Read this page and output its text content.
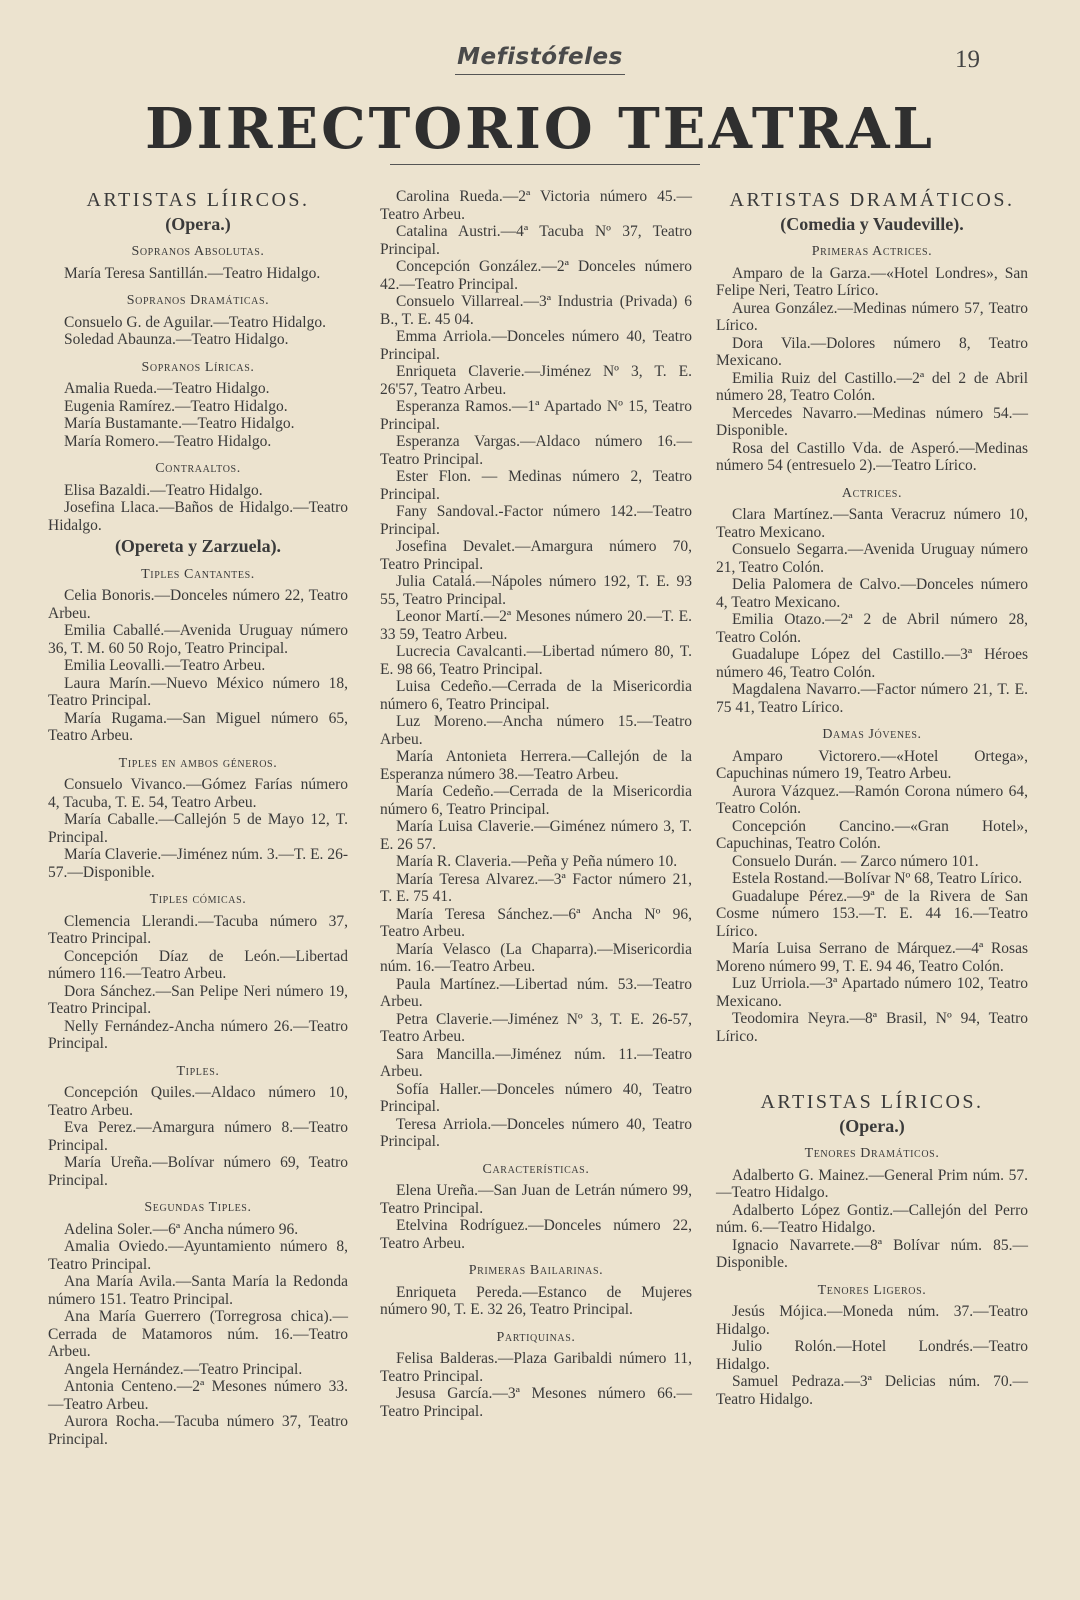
Mefistófeles	19
DIRECTORIO TEATRAL

ARTISTAS LÍIRCOS.

(Opera.)

Sopranos Absolutas.

María Teresa Santillán.—Teatro Hidalgo.

Sopranos Dramáticas.

Consuelo G. de Aguilar.—Teatro Hidalgo.

Soledad Abaunza.—Teatro Hidalgo.

Sopranos Líricas.

Amalia Rueda.—Teatro Hidalgo.

Eugenia Ramírez.—Teatro Hidalgo.

María Bustamante.—Teatro Hidalgo.

María Romero.—Teatro Hidalgo.

Contraaltos.

Elisa Bazaldi.—Teatro Hidalgo.

Josefina Llaca.—Baños de Hidalgo.—Teatro Hidalgo.

(Opereta y Zarzuela).

Tiples Cantantes.

Celia Bonoris.—Donceles número 22, Teatro Arbeu.

Emilia Caballé.—Avenida Uruguay número 36, T. M. 60 50 Rojo, Teatro Principal.

Emilia Leovalli.—Teatro Arbeu.

Laura Marín.—Nuevo México número 18, Teatro Principal.

María Rugama.—San Miguel número 65, Teatro Arbeu.

Tiples en ambos géneros.

Consuelo Vivanco.—Gómez Farías número 4, Tacuba, T. E. 54, Teatro Arbeu.

María Caballe.—Callejón 5 de Mayo 12, T. Principal.

María Claverie.—Jiménez núm. 3.—T. E. 26-57.—Disponible.

Tiples cómicas.

Clemencia Llerandi.—Tacuba número 37, Teatro Principal.

Concepción Díaz de León.—Libertad número 116.—Teatro Arbeu.

Dora Sánchez.—San Pelipe Neri número 19, Teatro Principal.

Nelly Fernández-Ancha número 26.—Teatro Principal.

Tiples.

Concepción Quiles.—Aldaco número 10, Teatro Arbeu.

Eva Perez.—Amargura número 8.—Teatro Principal.

María Ureña.—Bolívar número 69, Teatro Principal.

Segundas Tiples.

Adelina Soler.—6ª Ancha número 96.

Amalia Oviedo.—Ayuntamiento número 8, Teatro Principal.

Ana María Avila.—Santa María la Redonda número 151. Teatro Principal.

Ana María Guerrero (Torregrosa chica).—Cerrada de Matamoros núm. 16.—Teatro Arbeu.

Angela Hernández.—Teatro Principal.

Antonia Centeno.—2ª Mesones número 33.—Teatro Arbeu.

Aurora Rocha.—Tacuba número 37, Teatro Principal.

Carolina Rueda.—2ª Victoria número 45.—Teatro Arbeu.

Catalina Austri.—4ª Tacuba Nº 37, Teatro Principal.

Concepción González.—2ª Donceles número 42.—Teatro Principal.

Consuelo Villarreal.—3ª Industria (Privada) 6 B., T. E. 45 04.

Emma Arriola.—Donceles número 40, Teatro Principal.

Enriqueta Claverie.—Jiménez Nº 3, T. E. 26'57, Teatro Arbeu.

Esperanza Ramos.—1ª Apartado Nº 15, Teatro Principal.

Esperanza Vargas.—Aldaco número 16.—Teatro Principal.

Ester Flon. — Medinas número 2, Teatro Principal.

Fany Sandoval.-Factor número 142.—Teatro Principal.

Josefina Devalet.—Amargura número 70, Teatro Principal.

Julia Catalá.—Nápoles número 192, T. E. 93 55, Teatro Principal.

Leonor Martí.—2ª Mesones número 20.—T. E. 33 59, Teatro Arbeu.

Lucrecia Cavalcanti.—Libertad número 80, T. E. 98 66, Teatro Principal.

Luisa Cedeño.—Cerrada de la Misericordia número 6, Teatro Principal.

Luz Moreno.—Ancha número 15.—Teatro Arbeu.

María Antonieta Herrera.—Callejón de la Esperanza número 38.—Teatro Arbeu.

María Cedeño.—Cerrada de la Misericordia número 6, Teatro Principal.

María Luisa Claverie.—Giménez número 3, T. E. 26 57.

María R. Claveria.—Peña y Peña número 10.

María Teresa Alvarez.—3ª Factor número 21, T. E. 75 41.

María Teresa Sánchez.—6ª Ancha Nº 96, Teatro Arbeu.

María Velasco (La Chaparra).—Misericordia núm. 16.—Teatro Arbeu.

Paula Martínez.—Libertad núm. 53.—Teatro Arbeu.

Petra Claverie.—Jiménez Nº 3, T. E. 26-57, Teatro Arbeu.

Sara Mancilla.—Jiménez núm. 11.—Teatro Arbeu.

Sofía Haller.—Donceles número 40, Teatro Principal.

Teresa Arriola.—Donceles número 40, Teatro Principal.

Características.

Elena Ureña.—San Juan de Letrán número 99, Teatro Principal.

Etelvina Rodríguez.—Donceles número 22, Teatro Arbeu.

Primeras Bailarinas.

Enriqueta Pereda.—Estanco de Mujeres número 90, T. E. 32 26, Teatro Principal.

Partiquinas.

Felisa Balderas.—Plaza Garibaldi número 11, Teatro Principal.

Jesusa García.—3ª Mesones número 66.—Teatro Principal.

ARTISTAS DRAMÁTICOS.

(Comedia y Vaudeville).

Primeras Actrices.

Amparo de la Garza.—«Hotel Londres», San Felipe Neri, Teatro Lírico.

Aurea González.—Medinas número 57, Teatro Lírico.

Dora Vila.—Dolores número 8, Teatro Mexicano.

Emilia Ruiz del Castillo.—2ª del 2 de Abril número 28, Teatro Colón.

Mercedes Navarro.—Medinas número 54.—Disponible.

Rosa del Castillo Vda. de Asperó.—Medinas número 54 (entresuelo 2).—Teatro Lírico.

Actrices.

Clara Martínez.—Santa Veracruz número 10, Teatro Mexicano.

Consuelo Segarra.—Avenida Uruguay número 21, Teatro Colón.

Delia Palomera de Calvo.—Donceles número 4, Teatro Mexicano.

Emilia Otazo.—2ª 2 de Abril número 28, Teatro Colón.

Guadalupe López del Castillo.—3ª Héroes número 46, Teatro Colón.

Magdalena Navarro.—Factor número 21, T. E. 75 41, Teatro Lírico.

Damas Jóvenes.

Amparo Victorero.—«Hotel Ortega», Capuchinas número 19, Teatro Arbeu.

Aurora Vázquez.—Ramón Corona número 64, Teatro Colón.

Concepción Cancino.—«Gran Hotel», Capuchinas, Teatro Colón.

Consuelo Durán. — Zarco número 101.

Estela Rostand.—Bolívar Nº 68, Teatro Lírico.

Guadalupe Pérez.—9ª de la Rivera de San Cosme número 153.—T. E. 44 16.—Teatro Lírico.

María Luisa Serrano de Márquez.—4ª Rosas Moreno número 99, T. E. 94 46, Teatro Colón.

Luz Urriola.—3ª Apartado número 102, Teatro Mexicano.

Teodomira Neyra.—8ª Brasil, Nº 94, Teatro Lírico.

ARTISTAS LÍRICOS.

(Opera.)

Tenores Dramáticos.

Adalberto G. Mainez.—General Prim núm. 57.—Teatro Hidalgo.

Adalberto López Gontiz.—Callejón del Perro núm. 6.—Teatro Hidalgo.

Ignacio Navarrete.—8ª Bolívar núm. 85.—Disponible.

Tenores Ligeros.

Jesús Mójica.—Moneda núm. 37.—Teatro Hidalgo.

Julio Rolón.—Hotel Londrés.—Teatro Hidalgo.

Samuel Pedraza.—3ª Delicias núm. 70.—Teatro Hidalgo.
